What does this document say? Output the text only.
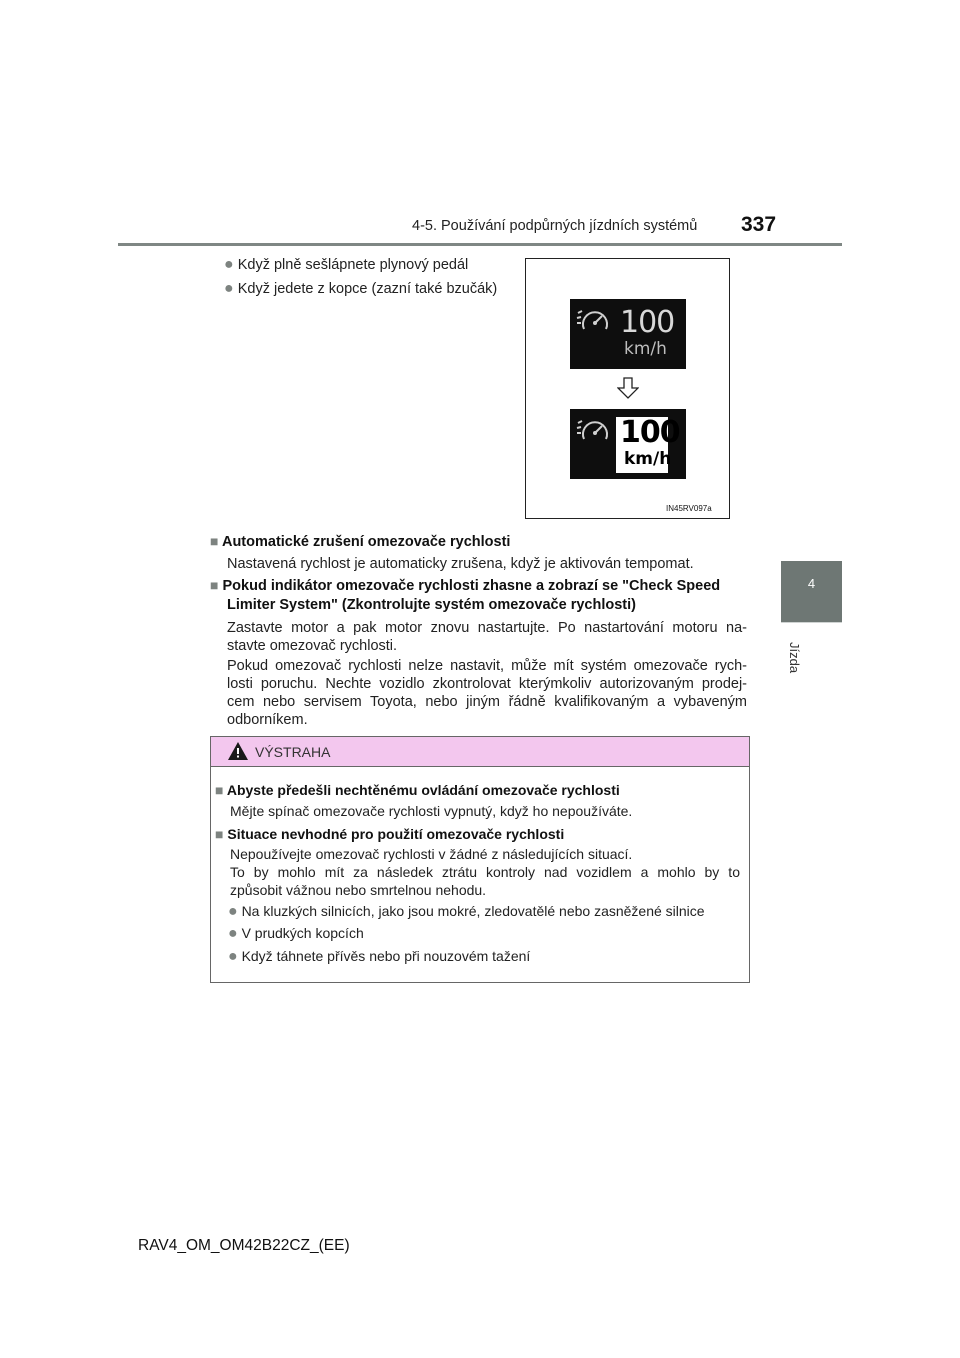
4-5. Používání podpůrných jízdních systémů 337
4
Jízda
● Když plně sešlápnete plynový pedál
● Když jedete z kopce (zazní také bzučák)
100
km/h
100
km/h
IN45RV097a
■ Automatické zrušení omezovače rychlosti
Nastavená rychlost je automaticky zrušena, když je aktivován tempomat.
■ Pokud indikátor omezovače rychlosti zhasne a zobrazí se "Check Speed
Limiter System" (Zkontrolujte systém omezovače rychlosti)
Zastavte motor a pak motor znovu nastartujte. Po nastartování motoru na-
stavte omezovač rychlosti.
Pokud omezovač rychlosti nelze nastavit, může mít systém omezovače rych-
losti poruchu. Nechte vozidlo zkontrolovat kterýmkoliv autorizovaným prodej-
cem nebo servisem Toyota, nebo jiným řádně kvalifikovaným a vybaveným
odborníkem.
VÝSTRAHA
■ Abyste předešli nechtěnému ovládání omezovače rychlosti
Mějte spínač omezovače rychlosti vypnutý, když ho nepoužíváte.
■ Situace nevhodné pro použití omezovače rychlosti
Nepoužívejte omezovač rychlosti v žádné z následujících situací.
To by mohlo mít za následek ztrátu kontroly nad vozidlem a mohlo by to
způsobit vážnou nebo smrtelnou nehodu.
● Na kluzkých silnicích, jako jsou mokré, zledovatělé nebo zasněžené silnice
● V prudkých kopcích
● Když táhnete přívěs nebo při nouzovém tažení
RAV4_OM_OM42B22CZ_(EE)
